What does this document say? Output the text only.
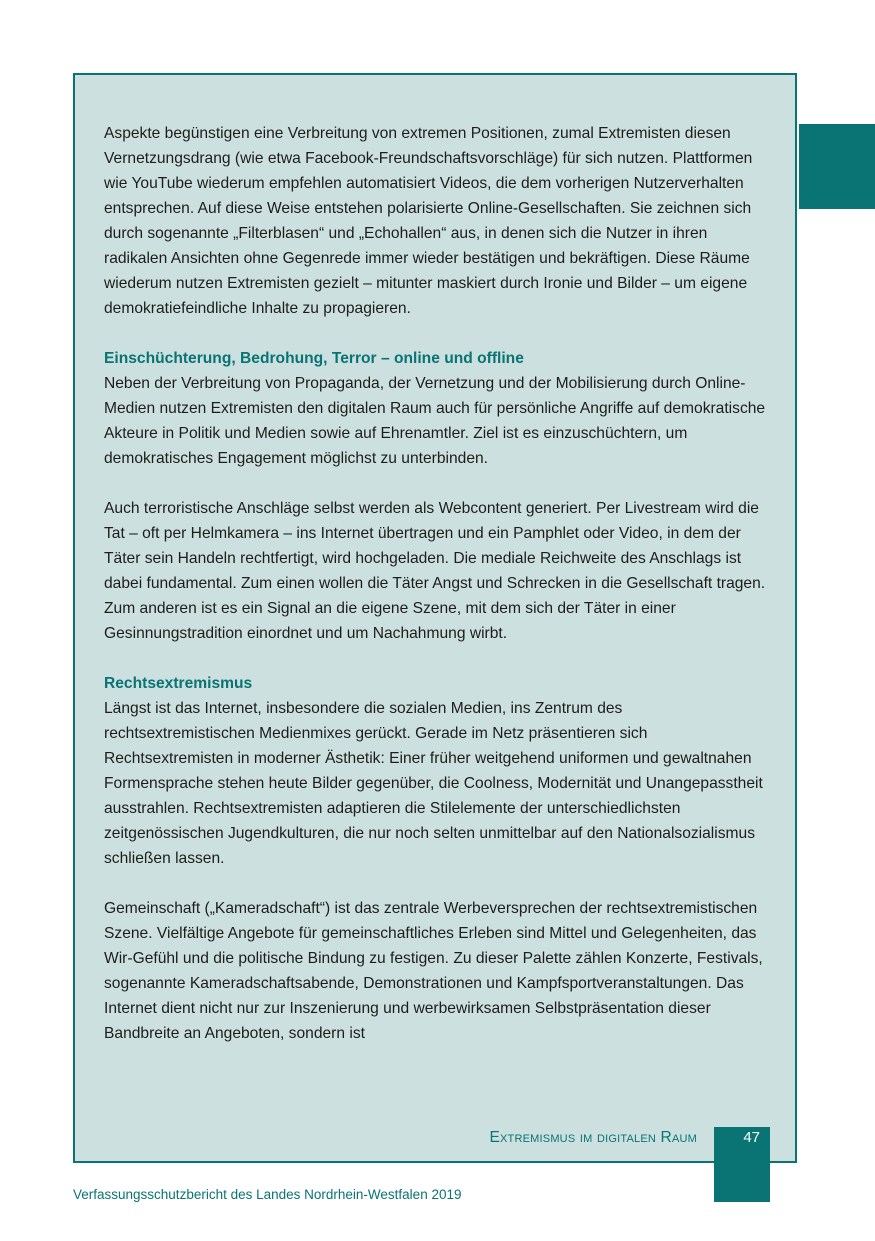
Aspekte begünstigen eine Verbreitung von extremen Positionen, zumal Extremisten diesen Vernetzungsdrang (wie etwa Facebook-Freundschaftsvorschläge) für sich nutzen. Plattformen wie YouTube wiederum empfehlen automatisiert Videos, die dem vorherigen Nutzerverhalten entsprechen. Auf diese Weise entstehen polarisierte Online-Gesellschaften. Sie zeichnen sich durch sogenannte „Filterblasen“ und „Echohallen“ aus, in denen sich die Nutzer in ihren radikalen Ansichten ohne Gegenrede immer wieder bestätigen und bekräftigen. Diese Räume wiederum nutzen Extremisten gezielt – mitunter maskiert durch Ironie und Bilder – um eigene demokratiefeindliche Inhalte zu propagieren.

Einschüchterung, Bedrohung, Terror – online und offline

Neben der Verbreitung von Propaganda, der Vernetzung und der Mobilisierung durch Online-Medien nutzen Extremisten den digitalen Raum auch für persönliche Angriffe auf demokratische Akteure in Politik und Medien sowie auf Ehrenamtler. Ziel ist es einzuschüchtern, um demokratisches Engagement möglichst zu unterbinden.

Auch terroristische Anschläge selbst werden als Webcontent generiert. Per Livestream wird die Tat – oft per Helmkamera – ins Internet übertragen und ein Pamphlet oder Video, in dem der Täter sein Handeln rechtfertigt, wird hochgeladen. Die mediale Reichweite des Anschlags ist dabei fundamental. Zum einen wollen die Täter Angst und Schrecken in die Gesellschaft tragen. Zum anderen ist es ein Signal an die eigene Szene, mit dem sich der Täter in einer Gesinnungstradition einordnet und um Nachahmung wirbt.

Rechtsextremismus

Längst ist das Internet, insbesondere die sozialen Medien, ins Zentrum des rechtsextremistischen Medienmixes gerückt. Gerade im Netz präsentieren sich Rechtsextremisten in moderner Ästhetik: Einer früher weitgehend uniformen und gewaltnahen Formensprache stehen heute Bilder gegenüber, die Coolness, Modernität und Unangepasstheit ausstrahlen. Rechtsextremisten adaptieren die Stilelemente der unterschiedlichsten zeitgenössischen Jugendkulturen, die nur noch selten unmittelbar auf den Nationalsozialismus schließen lassen.

Gemeinschaft („Kameradschaft“) ist das zentrale Werbeversprechen der rechtsextremistischen Szene. Vielfältige Angebote für gemeinschaftliches Erleben sind Mittel und Gelegenheiten, das Wir-Gefühl und die politische Bindung zu festigen. Zu dieser Palette zählen Konzerte, Festivals, sogenannte Kameradschaftsabende, Demonstrationen und Kampfsportveranstaltungen. Das Internet dient nicht nur zur Inszenierung und werbewirksamen Selbstpräsentation dieser Bandbreite an Angeboten, sondern ist

Extremismus im digitalen Raum	47
Verfassungsschutzbericht des Landes Nordrhein-Westfalen 2019
